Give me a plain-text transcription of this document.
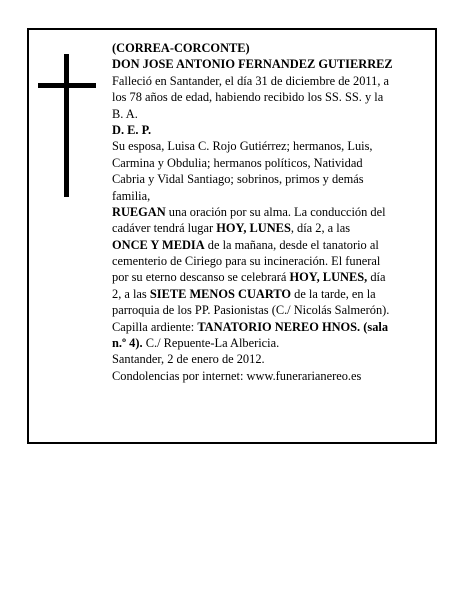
(CORREA-CORCONTE)
DON JOSE ANTONIO FERNANDEZ GUTIERREZ
Falleció en Santander, el día 31 de diciembre de 2011, a
los 78 años de edad, habiendo recibido los SS. SS. y la
B. A.
D. E. P.
Su esposa, Luisa C. Rojo Gutiérrez; hermanos, Luis,
Carmina y Obdulia; hermanos políticos, Natividad
Cabria y Vidal Santiago; sobrinos, primos y demás
familia,
RUEGAN una oración por su alma. La conducción del
cadáver tendrá lugar HOY, LUNES, día 2, a las
ONCE Y MEDIA de la mañana, desde el tanatorio al
cementerio de Ciriego para su incineración. El funeral
por su eterno descanso se celebrará HOY, LUNES, día
2, a las SIETE MENOS CUARTO de la tarde, en la
parroquia de los PP. Pasionistas (C./ Nicolás Salmerón).
Capilla ardiente: TANATORIO NEREO HNOS. (sala
n.º 4). C./ Repuente-La Albericia.
Santander, 2 de enero de 2012.
Condolencias por internet: www.funerarianereo.es
